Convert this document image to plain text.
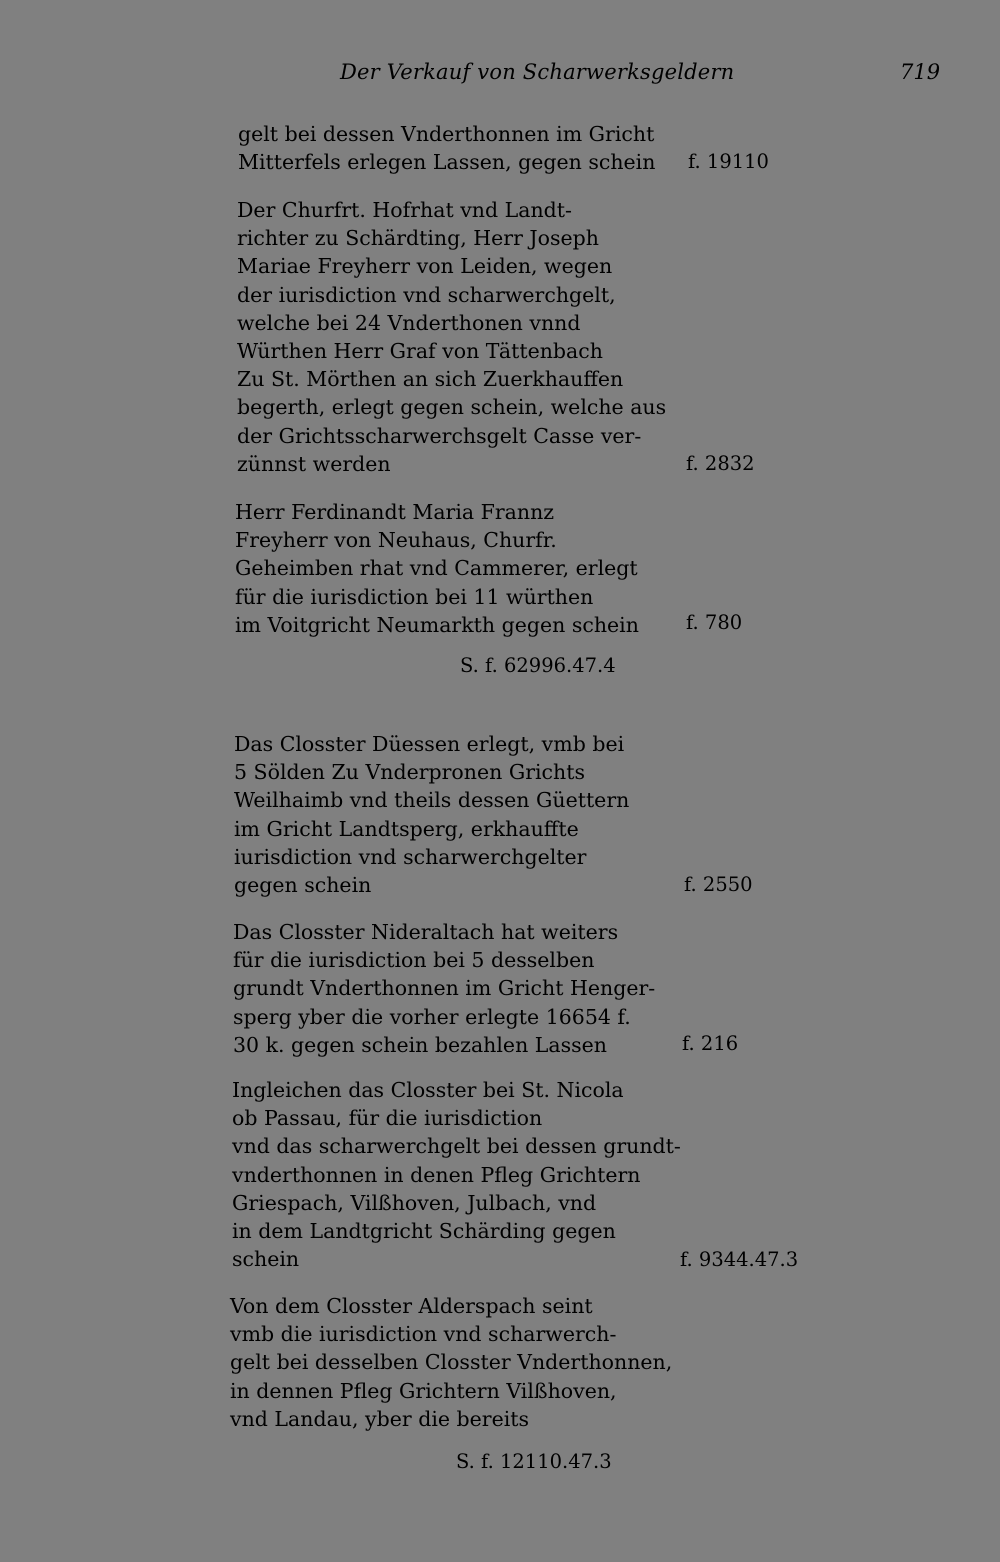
Der Verkauf von Scharwerksgeldern	719
gelt bei dessen Vnderthonnen im Gricht
Mitterfels erlegen Lassen, gegen schein	f. 19110
Der Churfrt. Hofrhat vnd Landt-
richter zu Schärdting, Herr Joseph
Mariae Freyherr von Leiden, wegen
der iurisdiction vnd scharwerchgelt,
welche bei 24 Vnderthonen vnnd
Würthen Herr Graf von Tättenbach
Zu St. Mörthen an sich Zuerkhauffen
begerth, erlegt gegen schein, welche aus
der Grichtsscharwerchsgelt Casse ver-
zünnst werden	f. 2832
Herr Ferdinandt Maria Frannz
Freyherr von Neuhaus, Churfr.
Geheimben rhat vnd Cammerer, erlegt
für die iurisdiction bei 11 würthen
im Voitgricht Neumarkth gegen schein	f. 780
S. f. 62996.47.4
Das Closster Düessen erlegt, vmb bei
5 Sölden Zu Vnderpronen Grichts
Weilhaimb vnd theils dessen Güettern
im Gricht Landtsperg, erkhauffte
iurisdiction vnd scharwerchgelter
gegen schein	f. 2550
Das Closster Nideraltach hat weiters
für die iurisdiction bei 5 desselben
grundt Vnderthonnen im Gricht Henger-
sperg yber die vorher erlegte 16654 f.
30 k. gegen schein bezahlen Lassen	f. 216
Ingleichen das Closster bei St. Nicola
ob Passau, für die iurisdiction
vnd das scharwerchgelt bei dessen grundt-
vnderthonnen in denen Pfleg Grichtern
Griespach, Vilßhoven, Julbach, vnd
in dem Landtgricht Schärding gegen
schein	f. 9344.47.3
Von dem Closster Alderspach seint
vmb die iurisdiction vnd scharwerch-
gelt bei desselben Closster Vnderthonnen,
in dennen Pfleg Grichtern Vilßhoven,
vnd Landau, yber die bereits
S. f. 12110.47.3
